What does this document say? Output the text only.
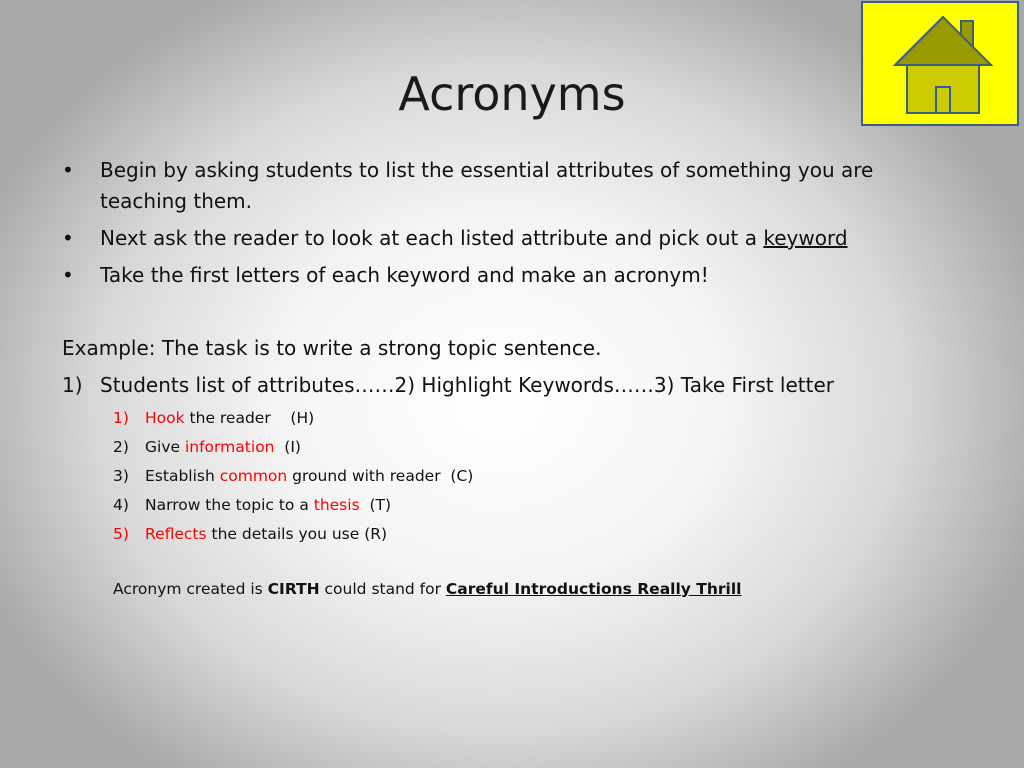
Acronyms
• Begin by asking students to list the essential attributes of something you are teaching them.
• Next ask the reader to look at each listed attribute and pick out a keyword
• Take the first letters of each keyword and make an acronym!

Example: The task is to write a strong topic sentence.

1) Students list of attributes……2) Highlight Keywords……3) Take First letter

1) Hook the reader    (H)
2) Give information  (I)
3) Establish common ground with reader  (C)
4) Narrow the topic to a thesis  (T)
5) Reflects the details you use (R)

Acronym created is CIRTH could stand for Careful Introductions Really Thrill
